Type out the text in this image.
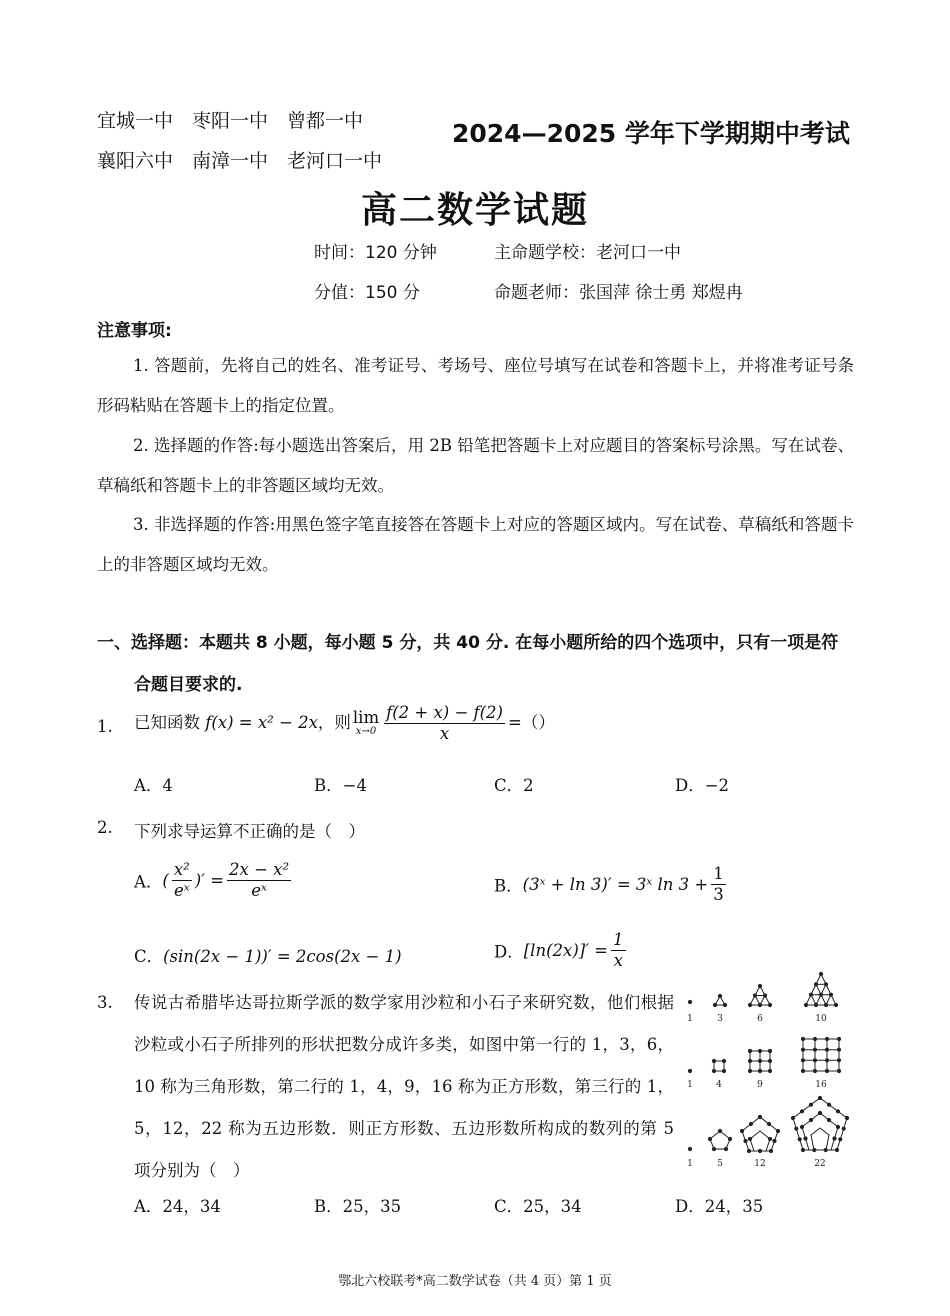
宜城一中　枣阳一中　曾都一中
襄阳六中　南漳一中　老河口一中
2024—2025 学年下学期期中考试
高二数学试题
时间：120 分钟	主命题学校：老河口一中
分值：150 分	命题老师：张国萍 徐士勇 郑煜冉
注意事项:
1. 答题前，先将自己的姓名、准考证号、考场号、座位号填写在试卷和答题卡上，并将准考证号条形码粘贴在答题卡上的指定位置。
2. 选择题的作答:每小题选出答案后，用 2B 铅笔把答题卡上对应题目的答案标号涂黑。写在试卷、草稿纸和答题卡上的非答题区域均无效。
3. 非选择题的作答:用黑色签字笔直接答在答题卡上对应的答题区域内。写在试卷、草稿纸和答题卡上的非答题区域均无效。
一、选择题：本题共 8 小题，每小题 5 分，共 40 分. 在每小题所给的四个选项中，只有一项是符
合题目要求的.
1. 已知函数 f(x) = x² − 2x，则 lim
$x\to 0 \frac{f(2 + x) - f(2)}{x}$ =（）
A．4	B．−4	C．2	D．−2
2. 下列求导运算不正确的是（　）
A．( $\frac{\text{x²}}{\text{eˣ}}$ )′ = $\frac{\text{2x − x²}}{\text{eˣ}}$	B．(3ˣ + ln 3)′ = 3ˣ $\ln 3 + \frac{1}{3}$
C．(sin(2x − 1))′ = 2cos(2x − 1)	D．$[\ln(2x)]' = \frac{1}{x}$
3. 传说古希腊毕达哥拉斯学派的数学家用沙粒和小石子来研究数，他们根据沙粒或小石子所排列的形状把数分成许多类，如图中第一行的 1，3，6，10 称为三角形数，第二行的 1，4，9，16 称为正方形数，第三行的 1，5，12，22 称为五边形数．则正方形数、五边形数所构成的数列的第 5 项分别为（　）
1	3	6	10
1	4	9	16
1	5	12	22
A．24，34	B．25，35	C．25，34	D．24，35
鄂北六校联考*高二数学试卷（共 4 页）第 1 页
